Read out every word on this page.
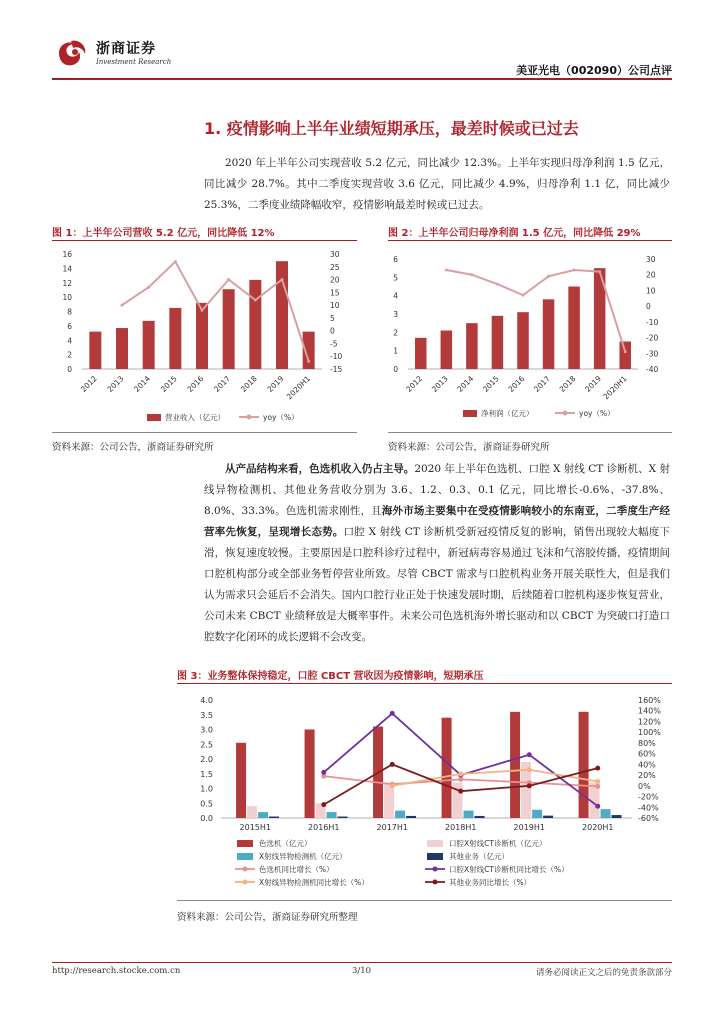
浙商证券
Investment Research
美亚光电（002090）公司点评
1. 疫情影响上半年业绩短期承压，最差时候或已过去
2020 年上半年公司实现营收 5.2 亿元，同比减少 12.3%。上半年实现归母净利润 1.5 亿元，同比减少 28.7%。其中二季度实现营收 3.6 亿元，同比减少 4.9%，归母净利 1.1 亿，同比减少 25.3%，二季度业绩降幅收窄，疫情影响最差时候或已过去。
图 1：上半年公司营收 5.2 亿元，同比降低 12%
0
2
4
6
8
10
12
14
16
-15
-10
-5
0
5
10
15
20
25
30
2012 2013 2014 2015 2016 2017 2018 2019 2020H1
营业收入（亿元）	yoy（%）
资料来源：公司公告，浙商证券研究所
图 2：上半年公司归母净利润 1.5 亿元，同比降低 29%
0
1
2
3
4
5
6
-40
-30
-20
-10
0
10
20
30
2012 2013 2014 2015 2016 2017 2018 2019
2020H1
净利润（亿元）	yoy（%）
资料来源：公司公告，浙商证券研究所
从产品结构来看，色选机收入仍占主导。2020 年上半年色选机、口腔 X 射线 CT 诊断机、X 射线异物检测机、其他业务营收分别为 3.6、1.2、0.3、0.1 亿元，同比增长-0.6%、-37.8%、8.0%、33.3%。色选机需求刚性，且海外市场主要集中在受疫情影响较小的东南亚，二季度生产经营率先恢复，呈现增长态势。口腔 X 射线 CT 诊断机受新冠疫情反复的影响，销售出现较大幅度下滑，恢复速度较慢。主要原因是口腔科诊疗过程中，新冠病毒容易通过飞沫和气溶胶传播，疫情期间口腔机构部分或全部业务暂停营业所致。尽管 CBCT 需求与口腔机构业务开展关联性大，但是我们认为需求只会延后不会消失。国内口腔行业正处于快速发展时期，后续随着口腔机构逐步恢复营业，公司未来 CBCT 业绩释放是大概率事件。未来公司色选机海外增长驱动和以 CBCT 为突破口打造口腔数字化闭环的成长逻辑不会改变。
图 3：业务整体保持稳定，口腔 CBCT 营收因为疫情影响，短期承压
0.0
0.5
1.0
1.5
2.0
2.5
3.0
3.5
4.0
-60%
-40%
-20%
0%
20%
40%
60%
80%
100%
120%
140%
160%
2015H1	2016H1	2017H1	2018H1	2019H1	2020H1
色选机（亿元）	口腔X射线CT诊断机（亿元）
X射线异物检测机（亿元）	其他业务（亿元）
色选机同比增长（%）	口腔X射线CT诊断机同比增长（%）
X射线异物检测机同比增长（%）	其他业务同比增长（%）
资料来源：公司公告，浙商证券研究所整理
http://research.stocke.com.cn	3/10	请务必阅读正文之后的免责条款部分
